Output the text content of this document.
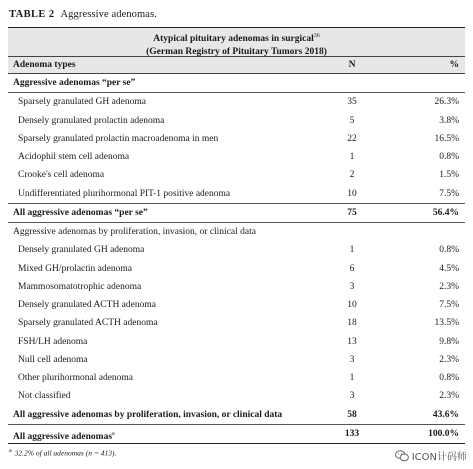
TABLE 2 Aggressive adenomas.
Atypical pituitary adenomas in surgical$^{36}$
(German Registry of Pituitary Tumors 2018)
Adenoma types	N	%
Aggressive adenomas “per se”
Sparsely granulated GH adenoma	35	26.3%
Densely granulated prolactin adenoma	5	3.8%
Sparsely granulated prolactin macroadenoma in men	22	16.5%
Acidophil stem cell adenoma	1	0.8%
Crooke's cell adenoma	2	1.5%
Undifferentiated plurihormonal PIT-1 positive adenoma	10	7.5%
All aggressive adenomas “per se”	75	56.4%
Aggressive adenomas by proliferation, invasion, or clinical data
Densely granulated GH adenoma	1	0.8%
Mixed GH/prolactin adenoma	6	4.5%
Mammosomatotrophic adenoma	3	2.3%
Densely granulated ACTH adenoma	10	7.5%
Sparsely granulated ACTH adenoma	18	13.5%
FSH/LH adenoma	13	9.8%
Null cell adenoma	3	2.3%
Other plurihormonal adenoma	1	0.8%
Not classified	3	2.3%
All aggressive adenomas by proliferation, invasion, or clinical data	58	43.6%
All aggressive adenomas$^a$	133	100.0%
$^a$ 32.2% of all adenomas (n = 413).	ICON计码师
